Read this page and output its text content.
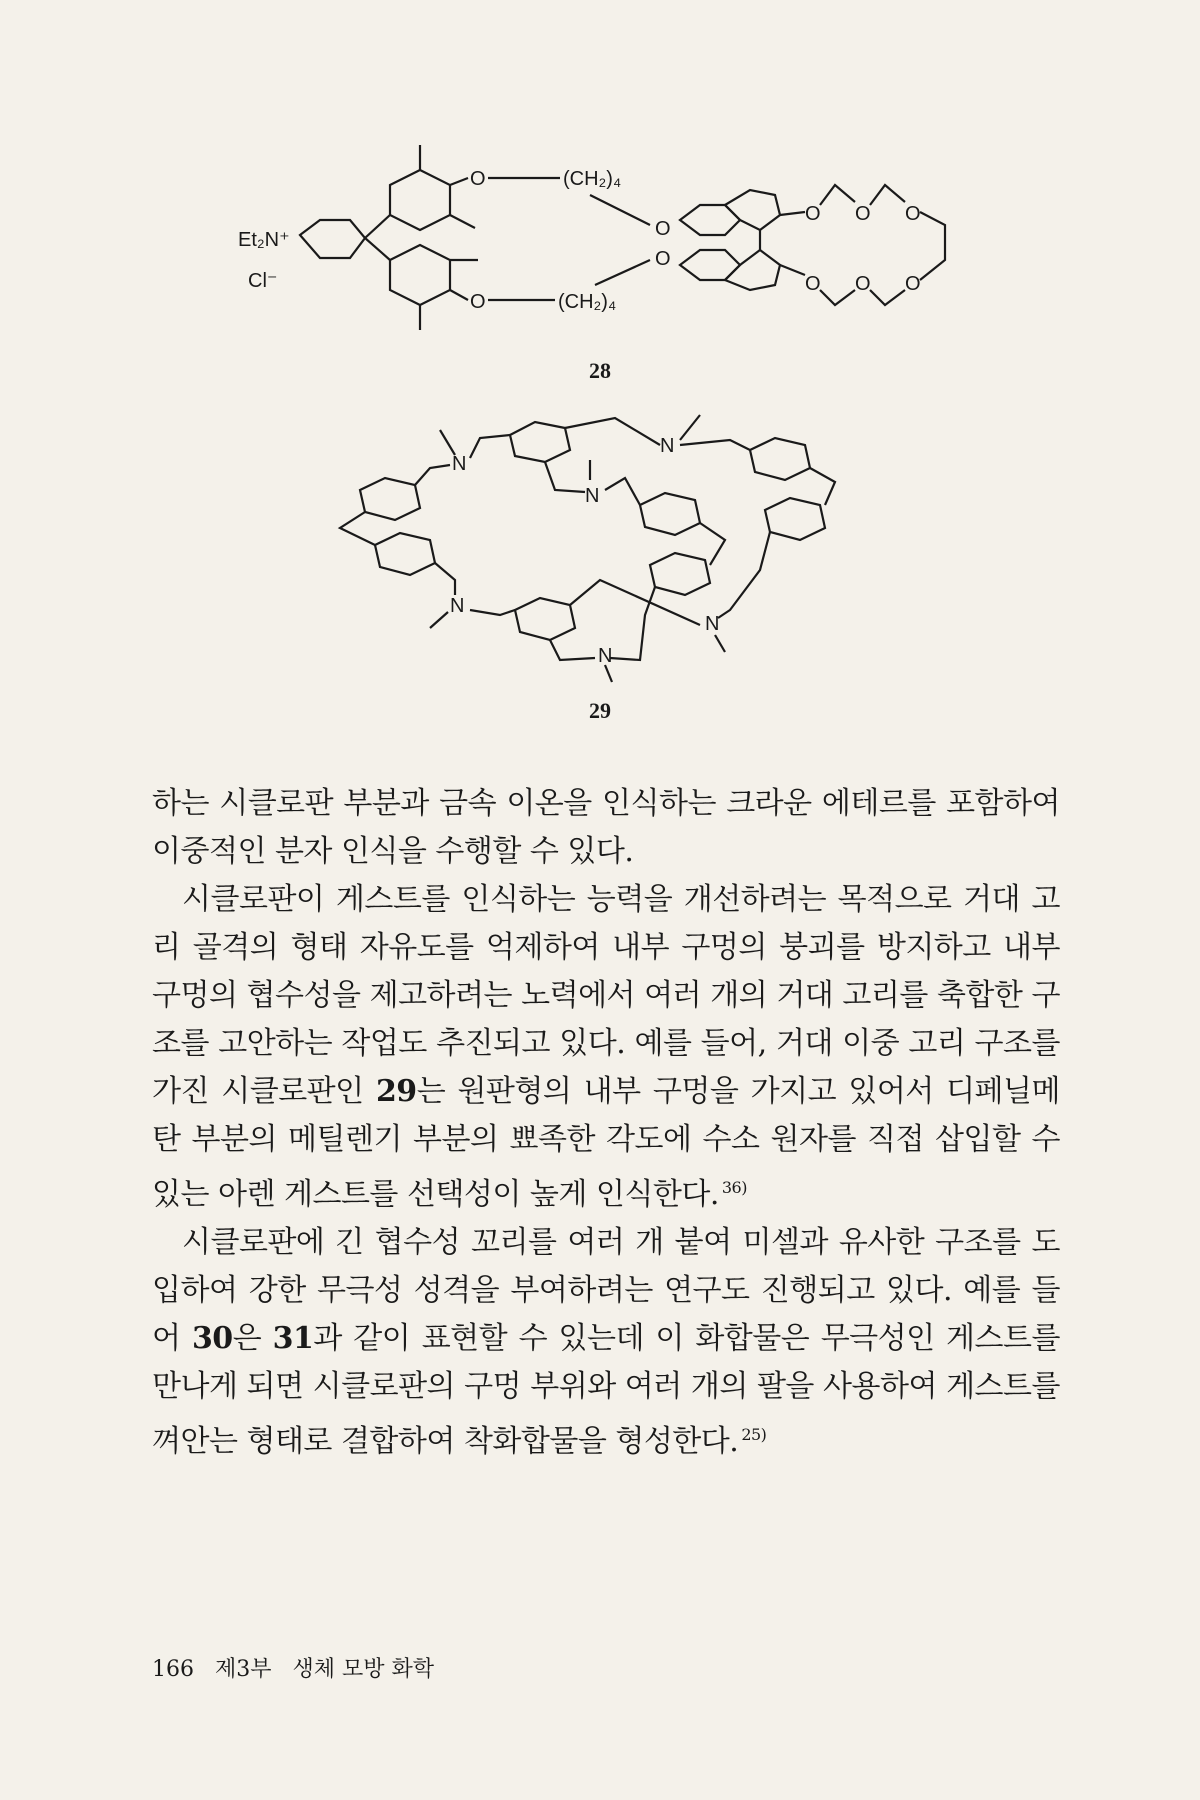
Et₂N⁺
Cl⁻
O	(CH₂)₄
O	(CH₂)₄
O
O
O O O
O O O
28
N
N
N
N
N
N
29

하는 시클로판 부분과 금속 이온을 인식하는 크라운 에테르를 포함하여 이중적인 분자 인식을 수행할 수 있다.

시클로판이 게스트를 인식하는 능력을 개선하려는 목적으로 거대 고리 골격의 형태 자유도를 억제하여 내부 구멍의 붕괴를 방지하고 내부 구멍의 협수성을 제고하려는 노력에서 여러 개의 거대 고리를 축합한 구조를 고안하는 작업도 추진되고 있다. 예를 들어, 거대 이중 고리 구조를 가진 시클로판인 29는 원판형의 내부 구멍을 가지고 있어서 디페닐메탄 부분의 메틸렌기 부분의 뾰족한 각도에 수소 원자를 직접 삽입할 수 있는 아렌 게스트를 선택성이 높게 인식한다. $^{36)}$

시클로판에 긴 협수성 꼬리를 여러 개 붙여 미셀과 유사한 구조를 도입하여 강한 무극성 성격을 부여하려는 연구도 진행되고 있다. 예를 들어 30은 31과 같이 표현할 수 있는데 이 화합물은 무극성인 게스트를 만나게 되면 시클로판의 구멍 부위와 여러 개의 팔을 사용하여 게스트를 껴안는 형태로 결합하여 착화합물을 형성한다. $^{25)}$

166 제3부 생체 모방 화학
